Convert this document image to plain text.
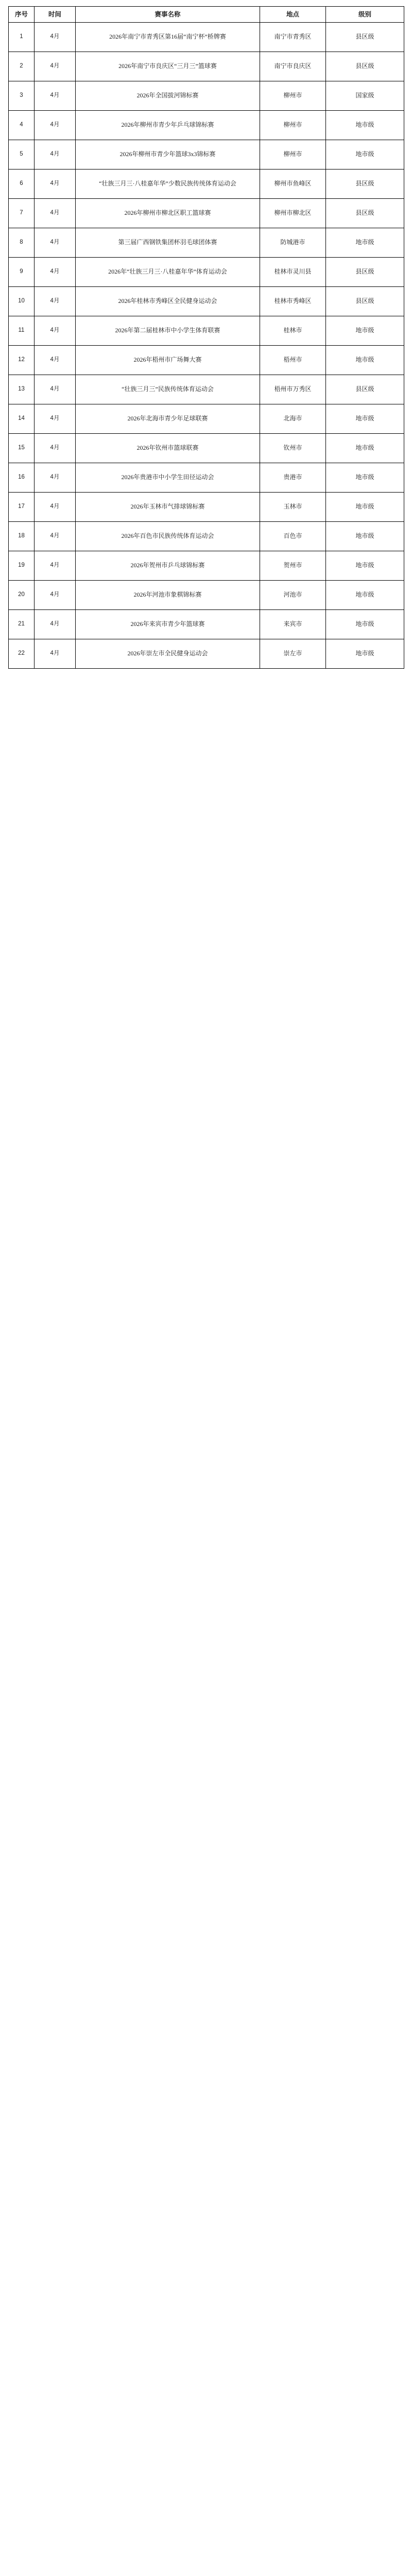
序号	时间	赛事名称	地点	级别
1	4月	2026年南宁市青秀区第16届“南宁杯”桥牌赛	南宁市青秀区	县区级
2	4月	2026年南宁市良庆区“三月三”篮球赛	南宁市良庆区	县区级
3	4月	2026年全国拔河锦标赛	柳州市	国家级
4	4月	2026年柳州市青少年乒乓球锦标赛	柳州市	地市级
5	4月	2026年柳州市青少年篮球3x3锦标赛	柳州市	地市级
6	4月	“壮族三月三·八桂嘉年华”少数民族传统体育运动会	柳州市鱼峰区	县区级
7	4月	2026年柳州市柳北区职工篮球赛	柳州市柳北区	县区级
8	4月	第三届广西钢铁集团杯羽毛球团体赛	防城港市	地市级
9	4月	2026年“壮族三月三·八桂嘉年华”体育运动会	桂林市灵川县	县区级
10	4月	2026年桂林市秀峰区全民健身运动会	桂林市秀峰区	县区级
11	4月	2026年第二届桂林市中小学生体育联赛	桂林市	地市级
12	4月	2026年梧州市广场舞大赛	梧州市	地市级
13	4月	“壮族三月三”民族传统体育运动会	梧州市万秀区	县区级
14	4月	2026年北海市青少年足球联赛	北海市	地市级
15	4月	2026年钦州市篮球联赛	钦州市	地市级
16	4月	2026年贵港市中小学生田径运动会	贵港市	地市级
17	4月	2026年玉林市气排球锦标赛	玉林市	地市级
18	4月	2026年百色市民族传统体育运动会	百色市	地市级
19	4月	2026年贺州市乒乓球锦标赛	贺州市	地市级
20	4月	2026年河池市象棋锦标赛	河池市	地市级
21	4月	2026年来宾市青少年篮球赛	来宾市	地市级
22	4月	2026年崇左市全民健身运动会	崇左市	地市级
